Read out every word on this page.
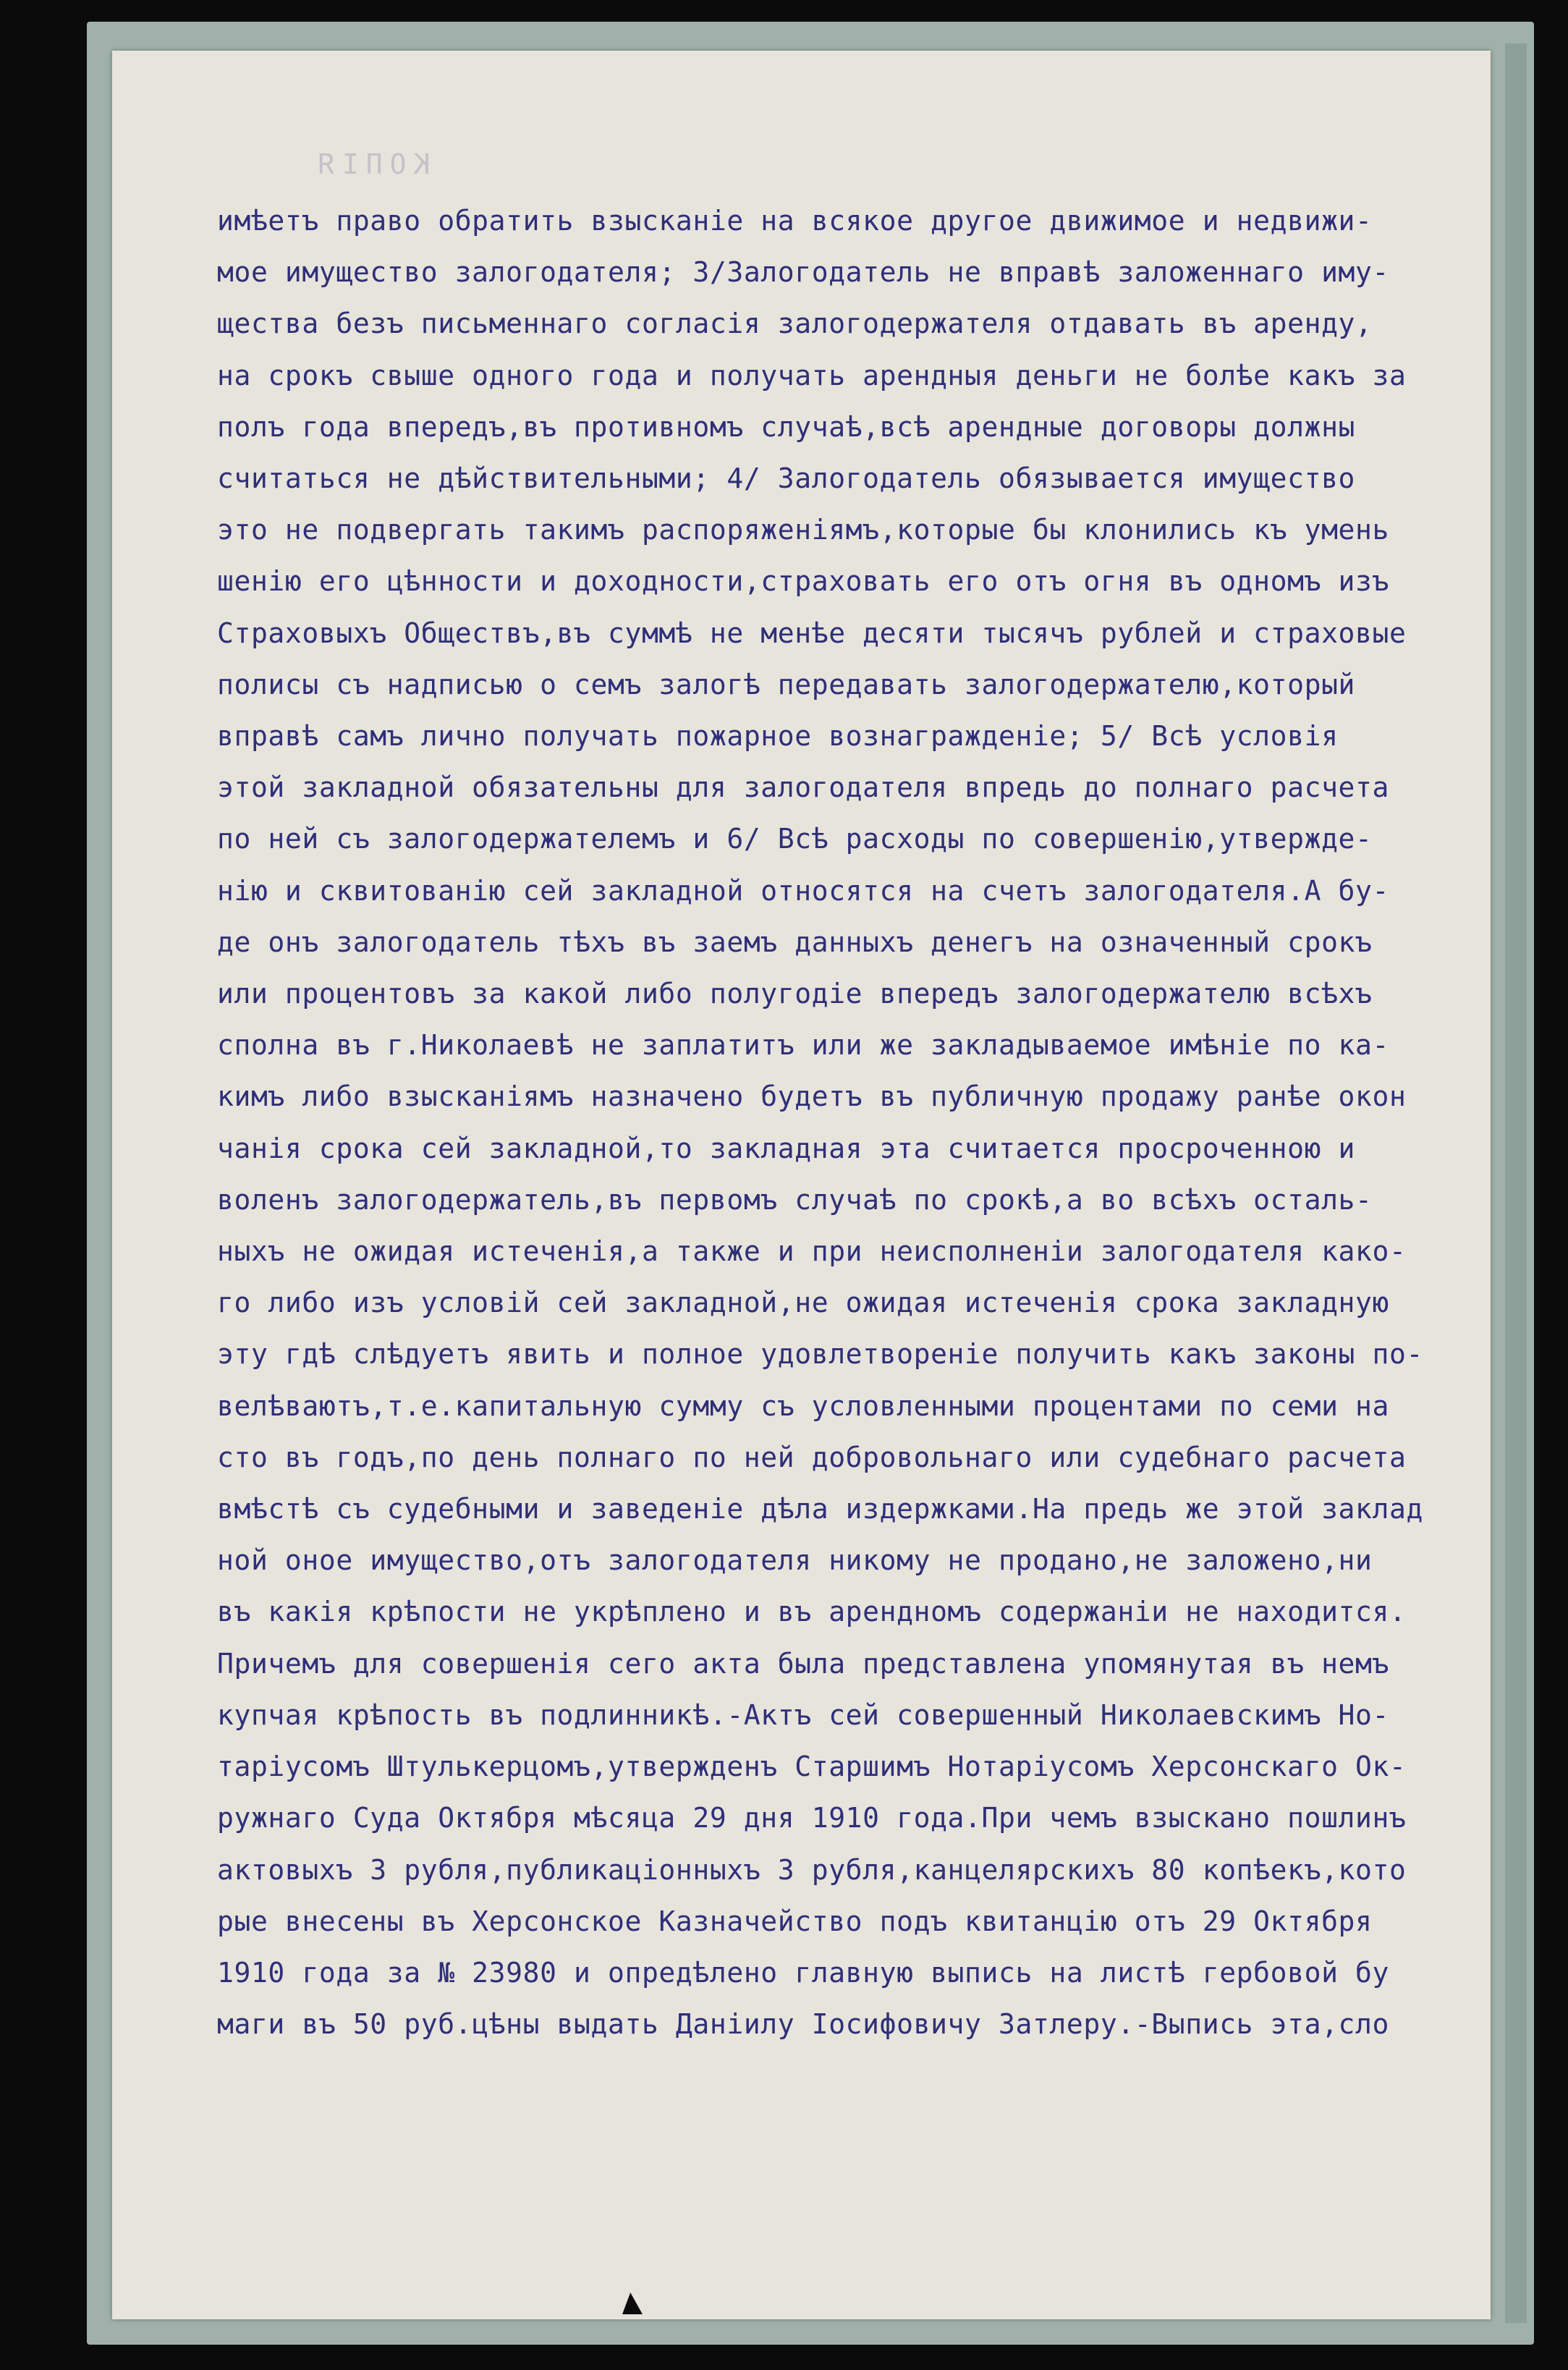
КОПІЯ
имѣетъ право обратить взысканіе на всякое другое движимое и недвижи-
мое имущество залогодателя; 3/Залогодатель не вправѣ заложеннаго иму-
щества безъ письменнаго согласія залогодержателя отдавать въ аренду,
на срокъ свыше одного года и получать арендныя деньги не болѣе какъ за
полъ года впередъ,въ противномъ случаѣ,всѣ арендные договоры должны
считаться не дѣйствительными; 4/ Залогодатель обязывается имущество
это не подвергать такимъ распоряженіямъ,которые бы клонились къ умень
шенію его цѣнности и доходности,страховать его отъ огня въ одномъ изъ
Страховыхъ Обществъ,въ суммѣ не менѣе десяти тысячъ рублей и страховые
полисы съ надписью о семъ залогѣ передавать залогодержателю,который
вправѣ самъ лично получать пожарное вознагражденіе; 5/ Всѣ условія
этой закладной обязательны для залогодателя впредь до полнаго расчета
по ней съ залогодержателемъ и 6/ Всѣ расходы по совершенію,утвержде-
нію и сквитованію сей закладной относятся на счетъ залогодателя.А бу-
де онъ залогодатель тѣхъ въ заемъ данныхъ денегъ на означенный срокъ
или процентовъ за какой либо полугодіе впередъ залогодержателю всѣхъ
сполна въ г.Николаевѣ не заплатитъ или же закладываемое имѣніе по ка-
кимъ либо взысканіямъ назначено будетъ въ публичную продажу ранѣе окон
чанія срока сей закладной,то закладная эта считается просроченною и
воленъ залогодержатель,въ первомъ случаѣ по срокѣ,а во всѣхъ осталь-
ныхъ не ожидая истеченія,а также и при неисполненіи залогодателя како-
го либо изъ условій сей закладной,не ожидая истеченія срока закладную
эту гдѣ слѣдуетъ явить и полное удовлетвореніе получить какъ законы по-
велѣваютъ,т.е.капитальную сумму съ условленными процентами по семи на
сто въ годъ,по день полнаго по ней добровольнаго или судебнаго расчета
вмѣстѣ съ судебными и заведеніе дѣла издержками.На предь же этой заклад
ной оное имущество,отъ залогодателя никому не продано,не заложено,ни
въ какія крѣпости не укрѣплено и въ арендномъ содержаніи не находится.
Причемъ для совершенія сего акта была представлена упомянутая въ немъ
купчая крѣпость въ подлинникѣ.-Актъ сей совершенный Николаевскимъ Но-
таріусомъ Штулькерцомъ,утвержденъ Старшимъ Нотаріусомъ Херсонскаго Ок-
ружнаго Суда Октября мѣсяца 29 дня 1910 года.При чемъ взыскано пошлинъ
актовыхъ 3 рубля,публикаціонныхъ 3 рубля,канцелярскихъ 80 копѣекъ,кото
рые внесены въ Херсонское Казначейство подъ квитанцію отъ 29 Октября
1910 года за № 23980 и опредѣлено главную выпись на листѣ гербовой бу
маги въ 50 руб.цѣны выдать Даніилу Іосифовичу Затлеру.-Выпись эта,сло
